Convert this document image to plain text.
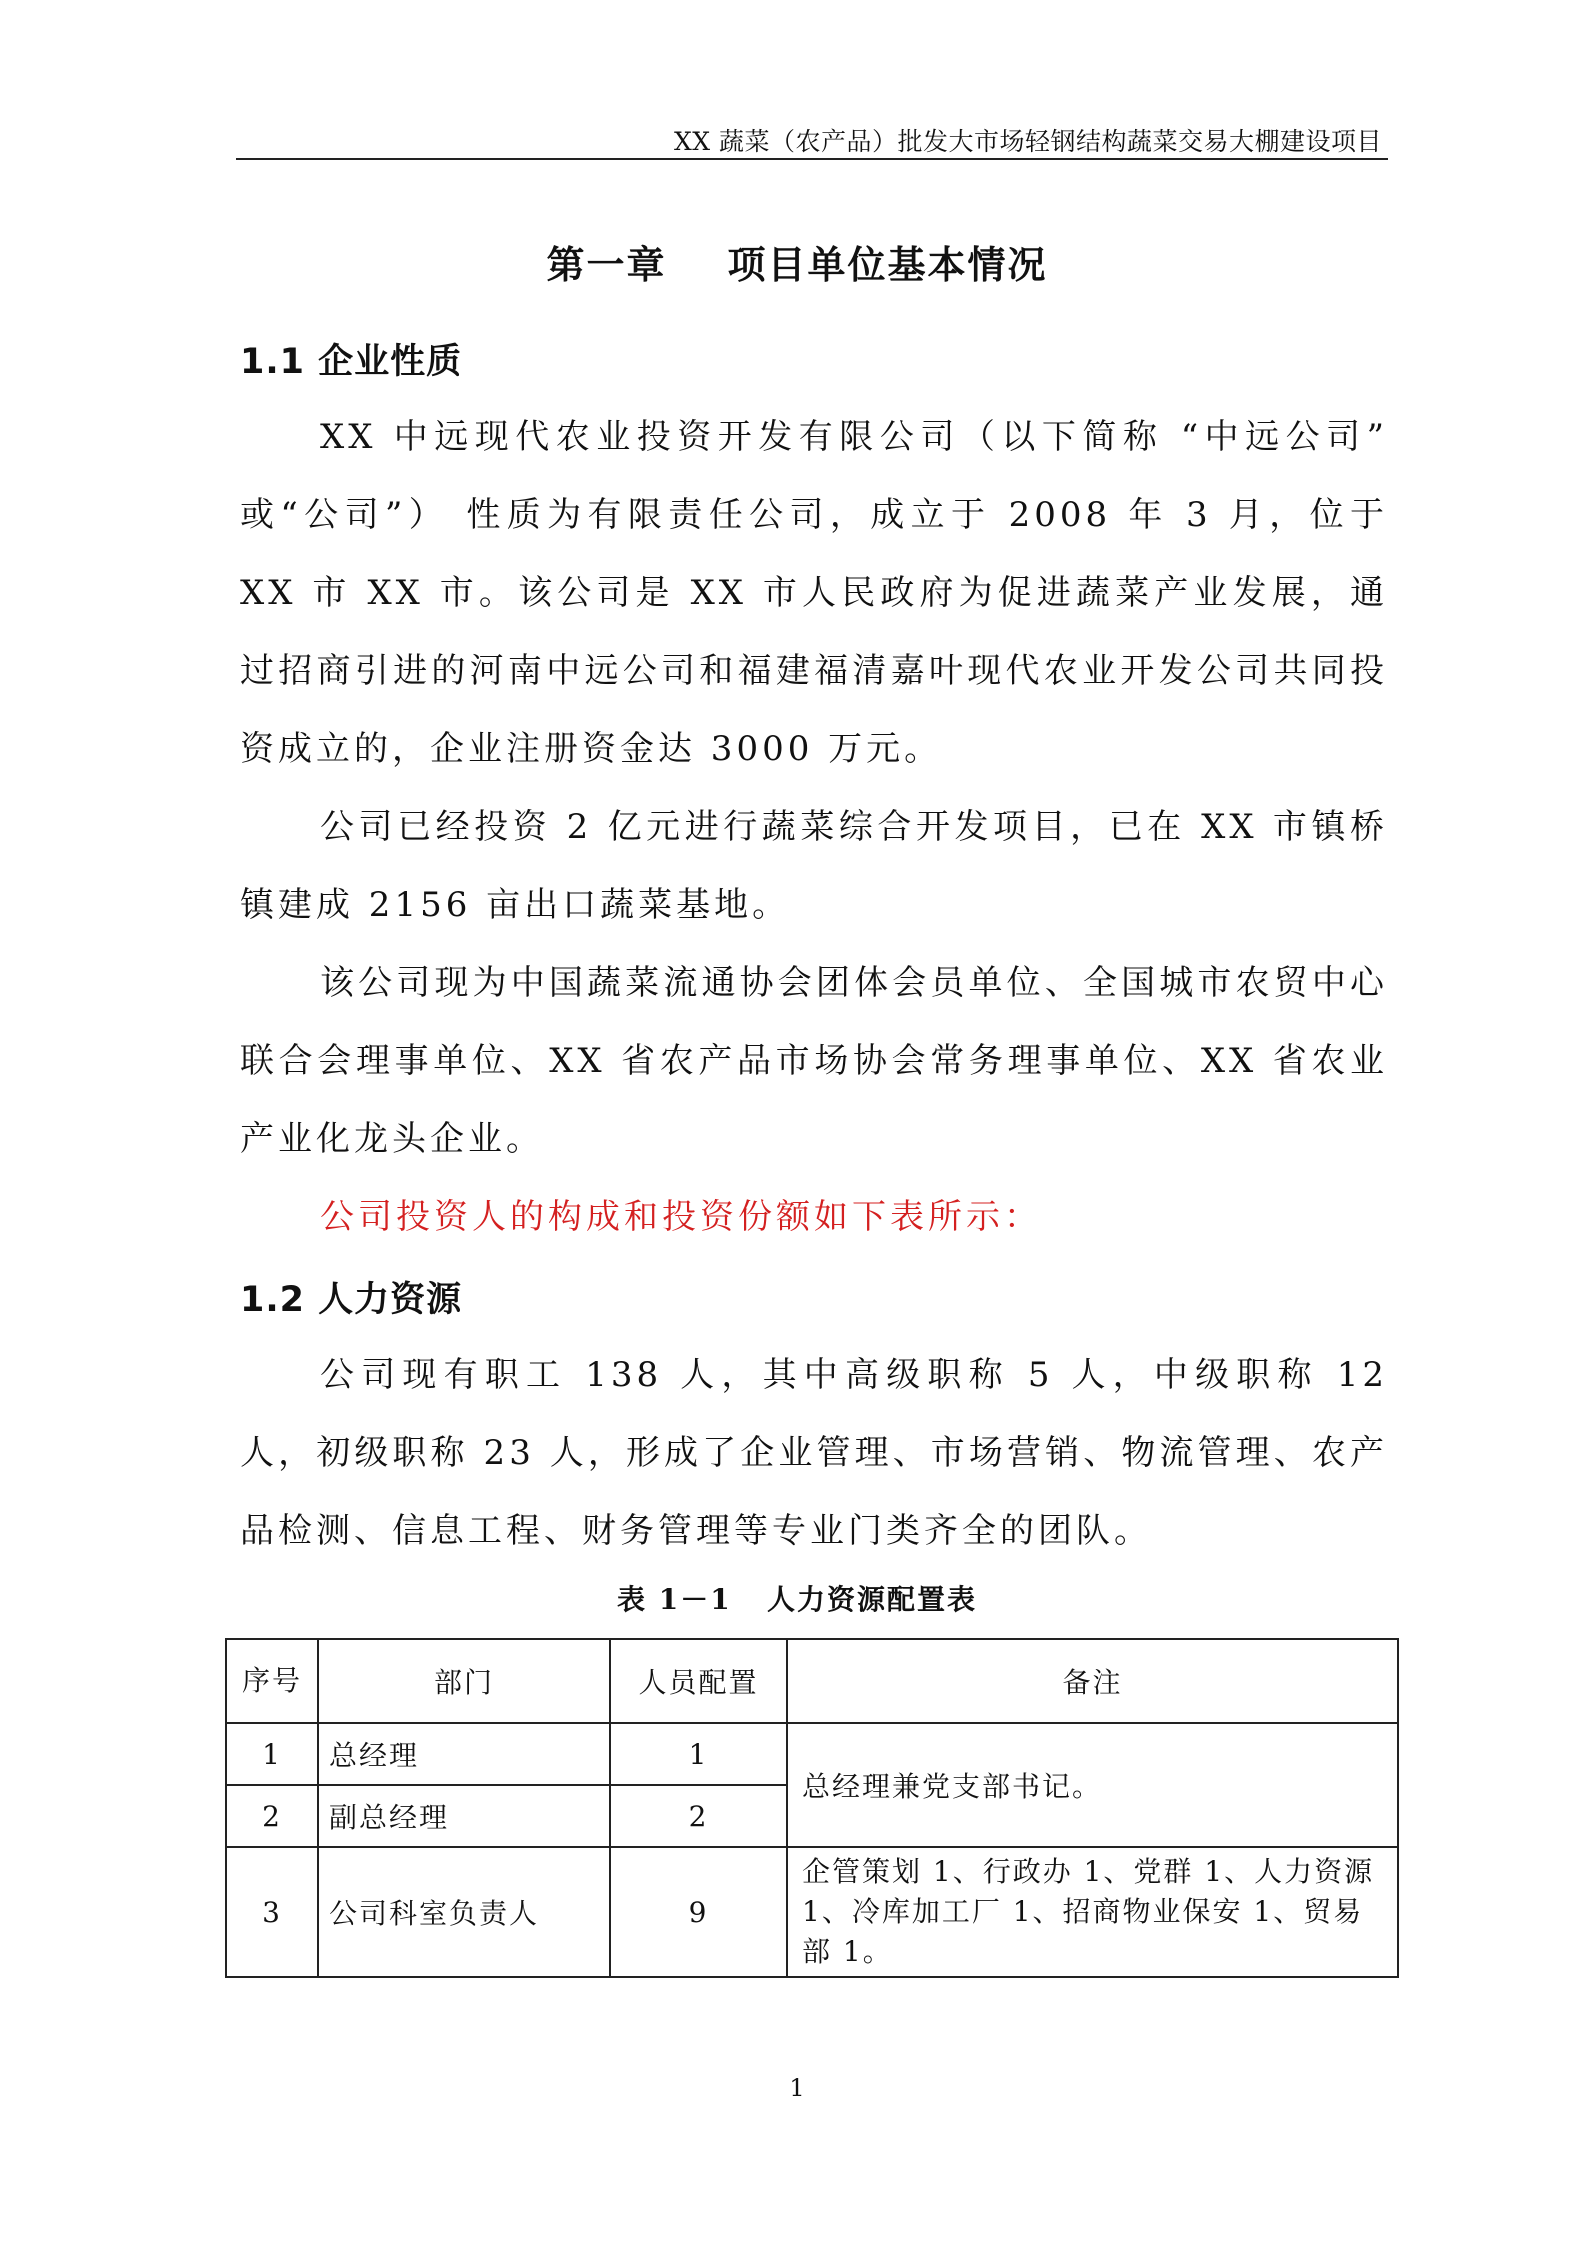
XX 蔬菜（农产品）批发大市场轻钢结构蔬菜交易大棚建设项目
第一章    项目单位基本情况
1.1 企业性质

XX 中远现代农业投资开发有限公司（以下简称 “中远公司” 或“公司”） 性质为有限责任公司，成立于 2008 年 3 月，位于 XX 市 XX 市。该公司是 XX 市人民政府为促进蔬菜产业发展，通过招商引进的河南中远公司和福建福清嘉叶现代农业开发公司共同投资成立的，企业注册资金达 3000 万元。

公司已经投资 2 亿元进行蔬菜综合开发项目，已在 XX 市镇桥镇建成 2156 亩出口蔬菜基地。

该公司现为中国蔬菜流通协会团体会员单位、全国城市农贸中心联合会理事单位、XX 省农产品市场协会常务理事单位、XX 省农业产业化龙头企业。

公司投资人的构成和投资份额如下表所示：

1.2 人力资源

公司现有职工 138 人，其中高级职称 5 人，中级职称 12 人，初级职称 23 人，形成了企业管理、市场营销、物流管理、农产品检测、信息工程、财务管理等专业门类齐全的团队。

表 1－1   人力资源配置表
序号	部门	人员配置	备注
1	总经理	1	总经理兼党支部书记。
2	副总经理	2	
3	公司科室负责人	9	企管策划 1、行政办 1、党群 1、人力资源 1、冷库加工厂 1、招商物业保安 1、贸易部 1。
1
